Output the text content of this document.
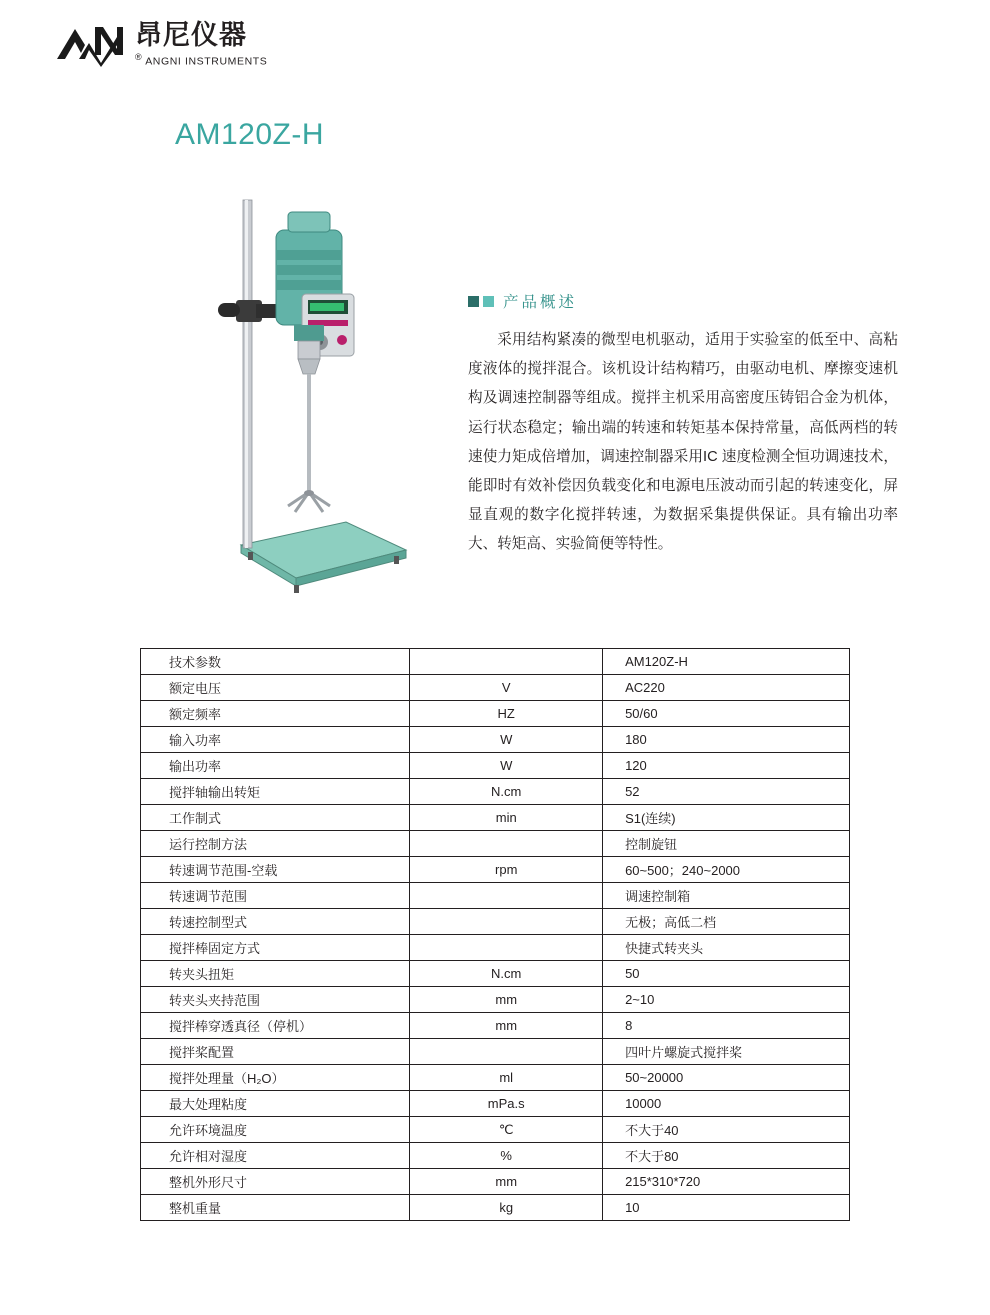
昂尼仪器
® ANGNI INSTRUMENTS
AM120Z-H
产品概述
采用结构紧凑的微型电机驱动，适用于实验室的低至中、高粘度液体的搅拌混合。该机设计结构精巧，由驱动电机、摩擦变速机构及调速控制器等组成。搅拌主机采用高密度压铸铝合金为机体，运行状态稳定；输出端的转速和转矩基本保持常量，高低两档的转速使力矩成倍增加，调速控制器采用IC 速度检测全恒功调速技术，能即时有效补偿因负载变化和电源电压波动而引起的转速变化，屏显直观的数字化搅拌转速，为数据采集提供保证。具有输出功率大、转矩高、实验简便等特性。
技术参数		AM120Z-H
额定电压	V	AC220
额定频率	HZ	50/60
输入功率	W	180
输出功率	W	120
搅拌轴输出转矩	N.cm	52
工作制式	min	S1(连续)
运行控制方法		控制旋钮
转速调节范围-空载	rpm	60~500；240~2000
转速调节范围		调速控制箱
转速控制型式		无极；高低二档
搅拌棒固定方式		快捷式转夹头
转夹头扭矩	N.cm	50
转夹头夹持范围	mm	2~10
搅拌棒穿透真径（停机）	mm	8
搅拌桨配置		四叶片螺旋式搅拌桨
搅拌处理量（H₂O）	ml	50~20000
最大处理粘度	mPa.s	10000
允许环境温度	℃	不大于40
允许相对湿度	%	不大于80
整机外形尺寸	mm	215*310*720
整机重量	kg	10
